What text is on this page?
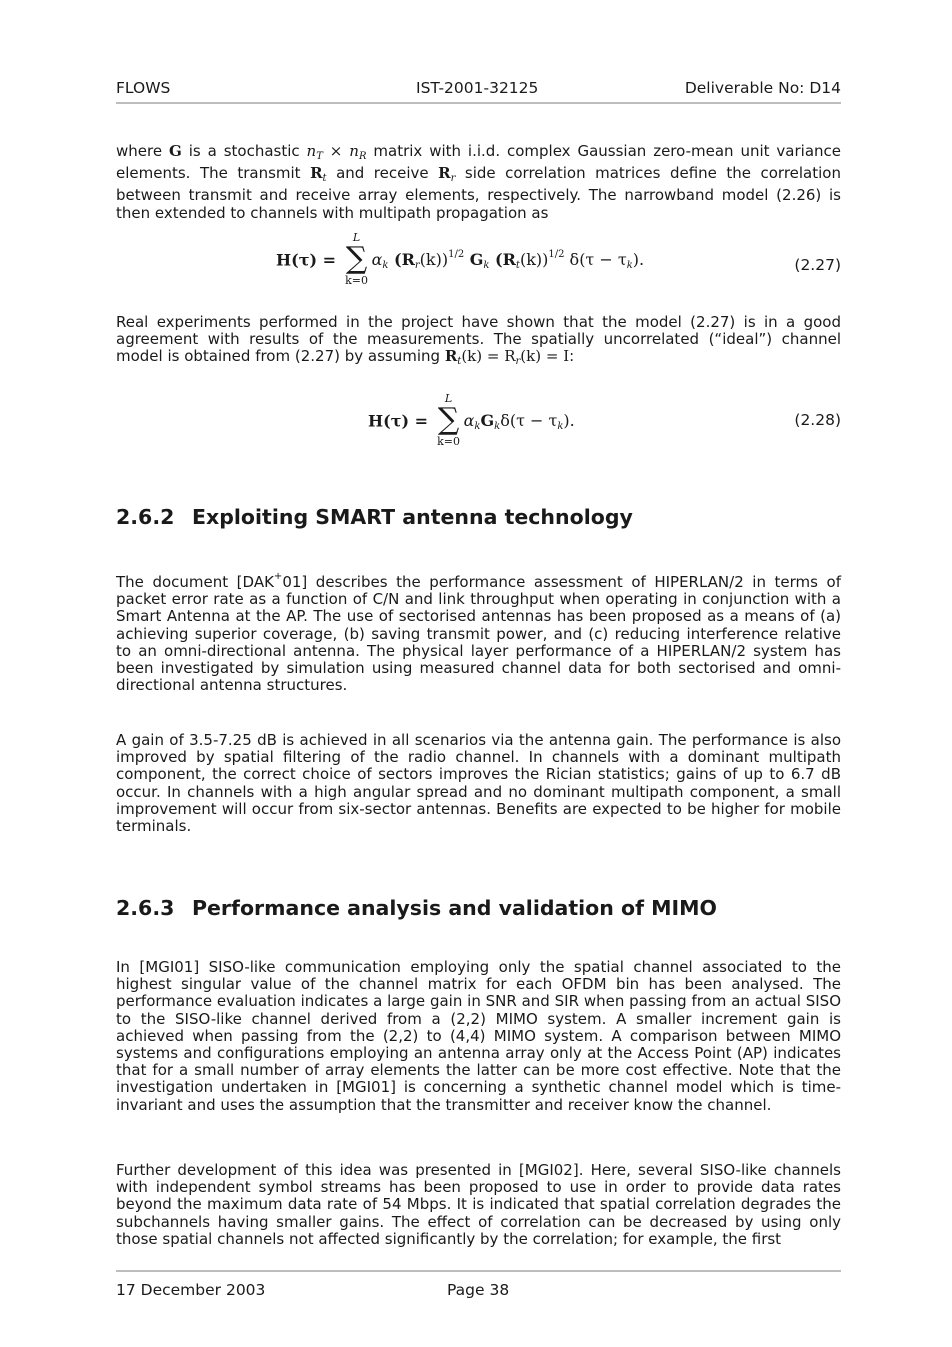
FLOWS	IST-2001-32125	Deliverable No: D14

where G is a stochastic $n_T \times n_R$ matrix with i.i.d. complex Gaussian zero-mean unit variance elements. The transmit $R_t$ and receive $R_r$ side correlation matrices define the correlation between transmit and receive array elements, respectively. The narrowband model (2.26) is then extended to channels with multipath propagation as

H(τ) =
L
∑
k=0
$\alpha_k$ $(R_r(k))^{1/2}$ $G_k$ $(R_t(k))^{1/2}$ $\delta(\tau - \tau_k)$.	(2.27)

Real experiments performed in the project have shown that the model (2.27) is in a good agreement with results of the measurements. The spatially uncorrelated (“ideal”) channel model is obtained from (2.27) by assuming $R_t(k) = R_r(k) = I$:

H(τ) =
L
∑
k=0
$\alpha_kG_k\delta(\tau - \tau_k)$.	(2.28)
2.6.2 Exploiting SMART antenna technology

The document [DAK+01] describes the performance assessment of HIPERLAN/2 in terms of packet error rate as a function of C/N and link throughput when operating in conjunction with a Smart Antenna at the AP. The use of sectorised antennas has been proposed as a means of (a) achieving superior coverage, (b) saving transmit power, and (c) reducing interference relative to an omni-directional antenna. The physical layer performance of a HIPERLAN/2 system has been investigated by simulation using measured channel data for both sectorised and omni-directional antenna structures.

A gain of 3.5-7.25 dB is achieved in all scenarios via the antenna gain. The performance is also improved by spatial filtering of the radio channel. In channels with a dominant multipath component, the correct choice of sectors improves the Rician statistics; gains of up to 6.7 dB occur. In channels with a high angular spread and no dominant multipath component, a small improvement will occur from six-sector antennas. Benefits are expected to be higher for mobile terminals.

2.6.3 Performance analysis and validation of MIMO

In [MGI01] SISO-like communication employing only the spatial channel associated to the highest singular value of the channel matrix for each OFDM bin has been analysed. The performance evaluation indicates a large gain in SNR and SIR when passing from an actual SISO to the SISO-like channel derived from a (2,2) MIMO system. A smaller increment gain is achieved when passing from the (2,2) to (4,4) MIMO system. A comparison between MIMO systems and configurations employing an antenna array only at the Access Point (AP) indicates that for a small number of array elements the latter can be more cost effective. Note that the investigation undertaken in [MGI01] is concerning a synthetic channel model which is time-invariant and uses the assumption that the transmitter and receiver know the channel.

Further development of this idea was presented in [MGI02]. Here, several SISO-like channels with independent symbol streams has been proposed to use in order to provide data rates beyond the maximum data rate of 54 Mbps. It is indicated that spatial correlation degrades the subchannels having smaller gains. The effect of correlation can be decreased by using only those spatial channels not affected significantly by the correlation; for example, the first

17 December 2003	Page 38
